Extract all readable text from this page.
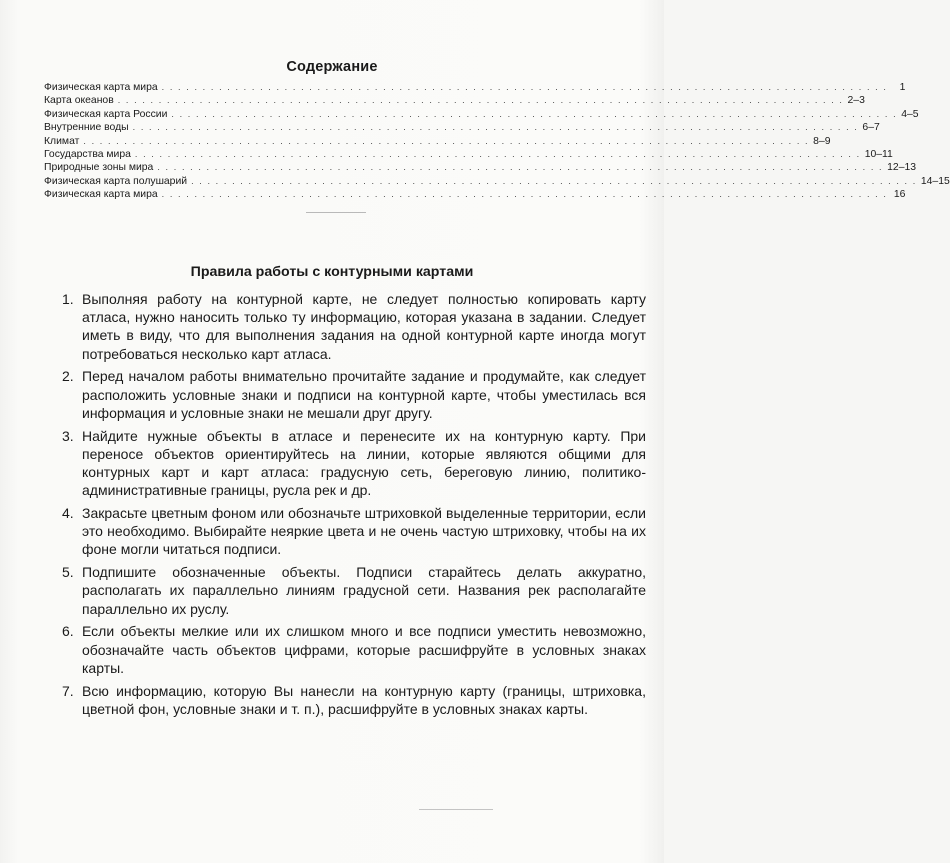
Содержание
Физическая карта мира . . . . . . . . . . . . . . . . . . . . . . . . . . . . . . . . . . . . . . . . . . . . . . . . . . . . . . . . . . . . . . . . . . . . . . . . . . . . . . . . . . . . . . . . .	1
Карта океанов . . . . . . . . . . . . . . . . . . . . . . . . . . . . . . . . . . . . . . . . . . . . . . . . . . . . . . . . . . . . . . . . . . . . . . . . . . . . . . . . . . . . . . . . . 2–3
Физическая карта России . . . . . . . . . . . . . . . . . . . . . . . . . . . . . . . . . . . . . . . . . . . . . . . . . . . . . . . . . . . . . . . . . . . . . . . . . . . . . . . . . . . . . . . . . 4–5
Внутренние воды . . . . . . . . . . . . . . . . . . . . . . . . . . . . . . . . . . . . . . . . . . . . . . . . . . . . . . . . . . . . . . . . . . . . . . . . . . . . . . . . . . . . . . . . . 6–7
Климат . . . . . . . . . . . . . . . . . . . . . . . . . . . . . . . . . . . . . . . . . . . . . . . . . . . . . . . . . . . . . . . . . . . . . . . . . . . . . . . . . . . . . . . . . 8–9
Государства мира . . . . . . . . . . . . . . . . . . . . . . . . . . . . . . . . . . . . . . . . . . . . . . . . . . . . . . . . . . . . . . . . . . . . . . . . . . . . . . . . . . . . . . . . . 10–11
Природные зоны мира . . . . . . . . . . . . . . . . . . . . . . . . . . . . . . . . . . . . . . . . . . . . . . . . . . . . . . . . . . . . . . . . . . . . . . . . . . . . . . . . . . . . . . . . . 12–13
Физическая карта полушарий . . . . . . . . . . . . . . . . . . . . . . . . . . . . . . . . . . . . . . . . . . . . . . . . . . . . . . . . . . . . . . . . . . . . . . . . . . . . . . . . . . . . . . . . . 14–15
Физическая карта мира . . . . . . . . . . . . . . . . . . . . . . . . . . . . . . . . . . . . . . . . . . . . . . . . . . . . . . . . . . . . . . . . . . . . . . . . . . . . . . . . . . . . . . . . . 16
Правила работы с контурными картами
1. Выполняя работу на контурной карте, не следует полностью копировать карту атласа, нужно наносить только ту информацию, которая указана в задании. Следует иметь в виду, что для выполнения задания на одной контурной карте иногда могут потребоваться несколько карт атласа.
2. Перед началом работы внимательно прочитайте задание и продумайте, как следует расположить условные знаки и подписи на контурной карте, чтобы уместилась вся информация и условные знаки не мешали друг другу.
3. Найдите нужные объекты в атласе и перенесите их на контурную карту. При переносе объектов ориентируйтесь на линии, которые являются общими для контурных карт и карт атласа: градусную сеть, береговую линию, политико-административные границы, русла рек и др.
4. Закрасьте цветным фоном или обозначьте штриховкой выделенные территории, если это необходимо. Выбирайте неяркие цвета и не очень частую штриховку, чтобы на их фоне могли читаться подписи.
5. Подпишите обозначенные объекты. Подписи старайтесь делать аккуратно, располагать их параллельно линиям градусной сети. Названия рек располагайте параллельно их руслу.
6. Если объекты мелкие или их слишком много и все подписи уместить невозможно, обозначайте часть объектов цифрами, которые расшифруйте в условных знаках карты.
7. Всю информацию, которую Вы нанесли на контурную карту (границы, штриховка, цветной фон, условные знаки и т. п.), расшифруйте в условных знаках карты.
